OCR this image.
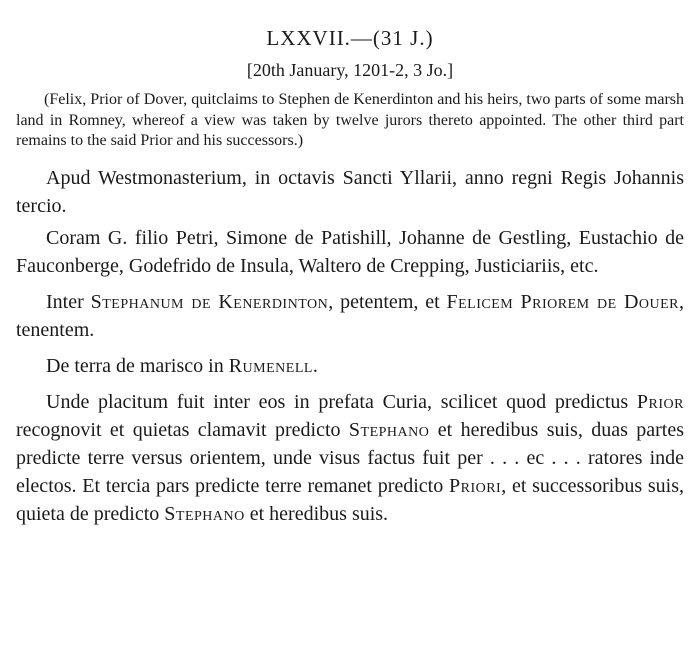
LXXVII.—(31 J.)
[20th January, 1201-2, 3 Jo.]

(Felix, Prior of Dover, quitclaims to Stephen de Kenerdinton and his heirs, two parts of some marsh land in Romney, whereof a view was taken by twelve jurors thereto appointed. The other third part remains to the said Prior and his successors.)

Apud Westmonasterium, in octavis Sancti Yllarii, anno regni Regis Johannis tercio.

Coram G. filio Petri, Simone de Patishill, Johanne de Gestling, Eustachio de Fauconberge, Godefrido de Insula, Waltero de Crepping, Justiciariis, etc.

Inter Stephanum de Kenerdinton, petentem, et Felicem Priorem de Douer, tenentem.

De terra de marisco in Rumenell.

Unde placitum fuit inter eos in prefata Curia, scilicet quod predictus Prior recognovit et quietas clamavit predicto Stephano et heredibus suis, duas partes predicte terre versus orientem, unde visus factus fuit per . . . ec . . . ratores inde electos. Et tercia pars predicte terre remanet predicto Priori, et successoribus suis, quieta de predicto Stephano et heredibus suis.
